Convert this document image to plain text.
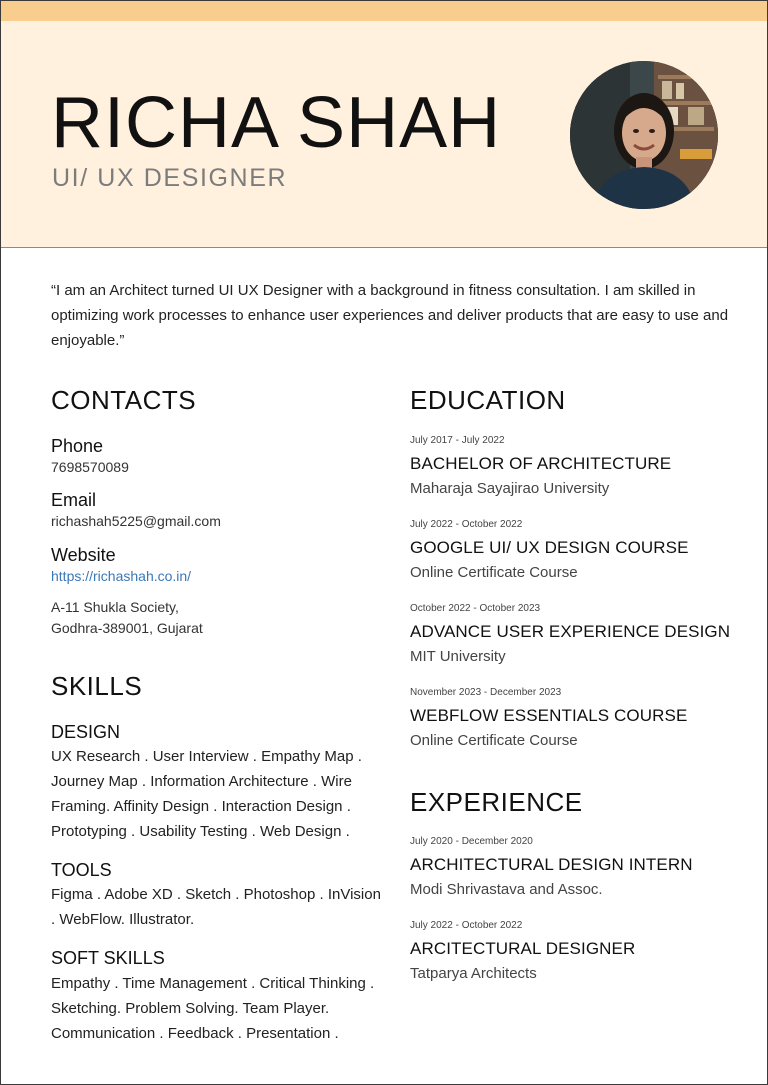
RICHA SHAH
UI/ UX DESIGNER
“I am an Architect turned UI UX Designer with a background in fitness consultation. I am skilled in optimizing work processes to enhance user experiences and deliver products that are easy to use and enjoyable.”
CONTACTS
Phone
7698570089
Email
richashah5225@gmail.com
Website
https://richashah.co.in/
A-11 Shukla Society,
Godhra-389001, Gujarat
SKILLS
DESIGN
UX Research . User Interview . Empathy Map . Journey Map . Information Architecture . Wire Framing. Affinity Design . Interaction Design . Prototyping . Usability Testing . Web Design .
TOOLS
Figma . Adobe XD . Sketch . Photoshop . InVision . WebFlow. Illustrator.
SOFT SKILLS
Empathy . Time Management . Critical Thinking . Sketching. Problem Solving. Team Player. Communication . Feedback . Presentation .
EDUCATION
July 2017 - July 2022
BACHELOR OF ARCHITECTURE
Maharaja Sayajirao University
July 2022 - October 2022
GOOGLE UI/ UX DESIGN COURSE
Online Certificate Course
October 2022 - October 2023
ADVANCE USER EXPERIENCE DESIGN
MIT University
November 2023 - December 2023
WEBFLOW ESSENTIALS COURSE
Online Certificate Course
EXPERIENCE
July 2020 - December 2020
ARCHITECTURAL DESIGN INTERN
Modi Shrivastava and Assoc.
July 2022 - October 2022
ARCITECTURAL DESIGNER
Tatparya Architects
